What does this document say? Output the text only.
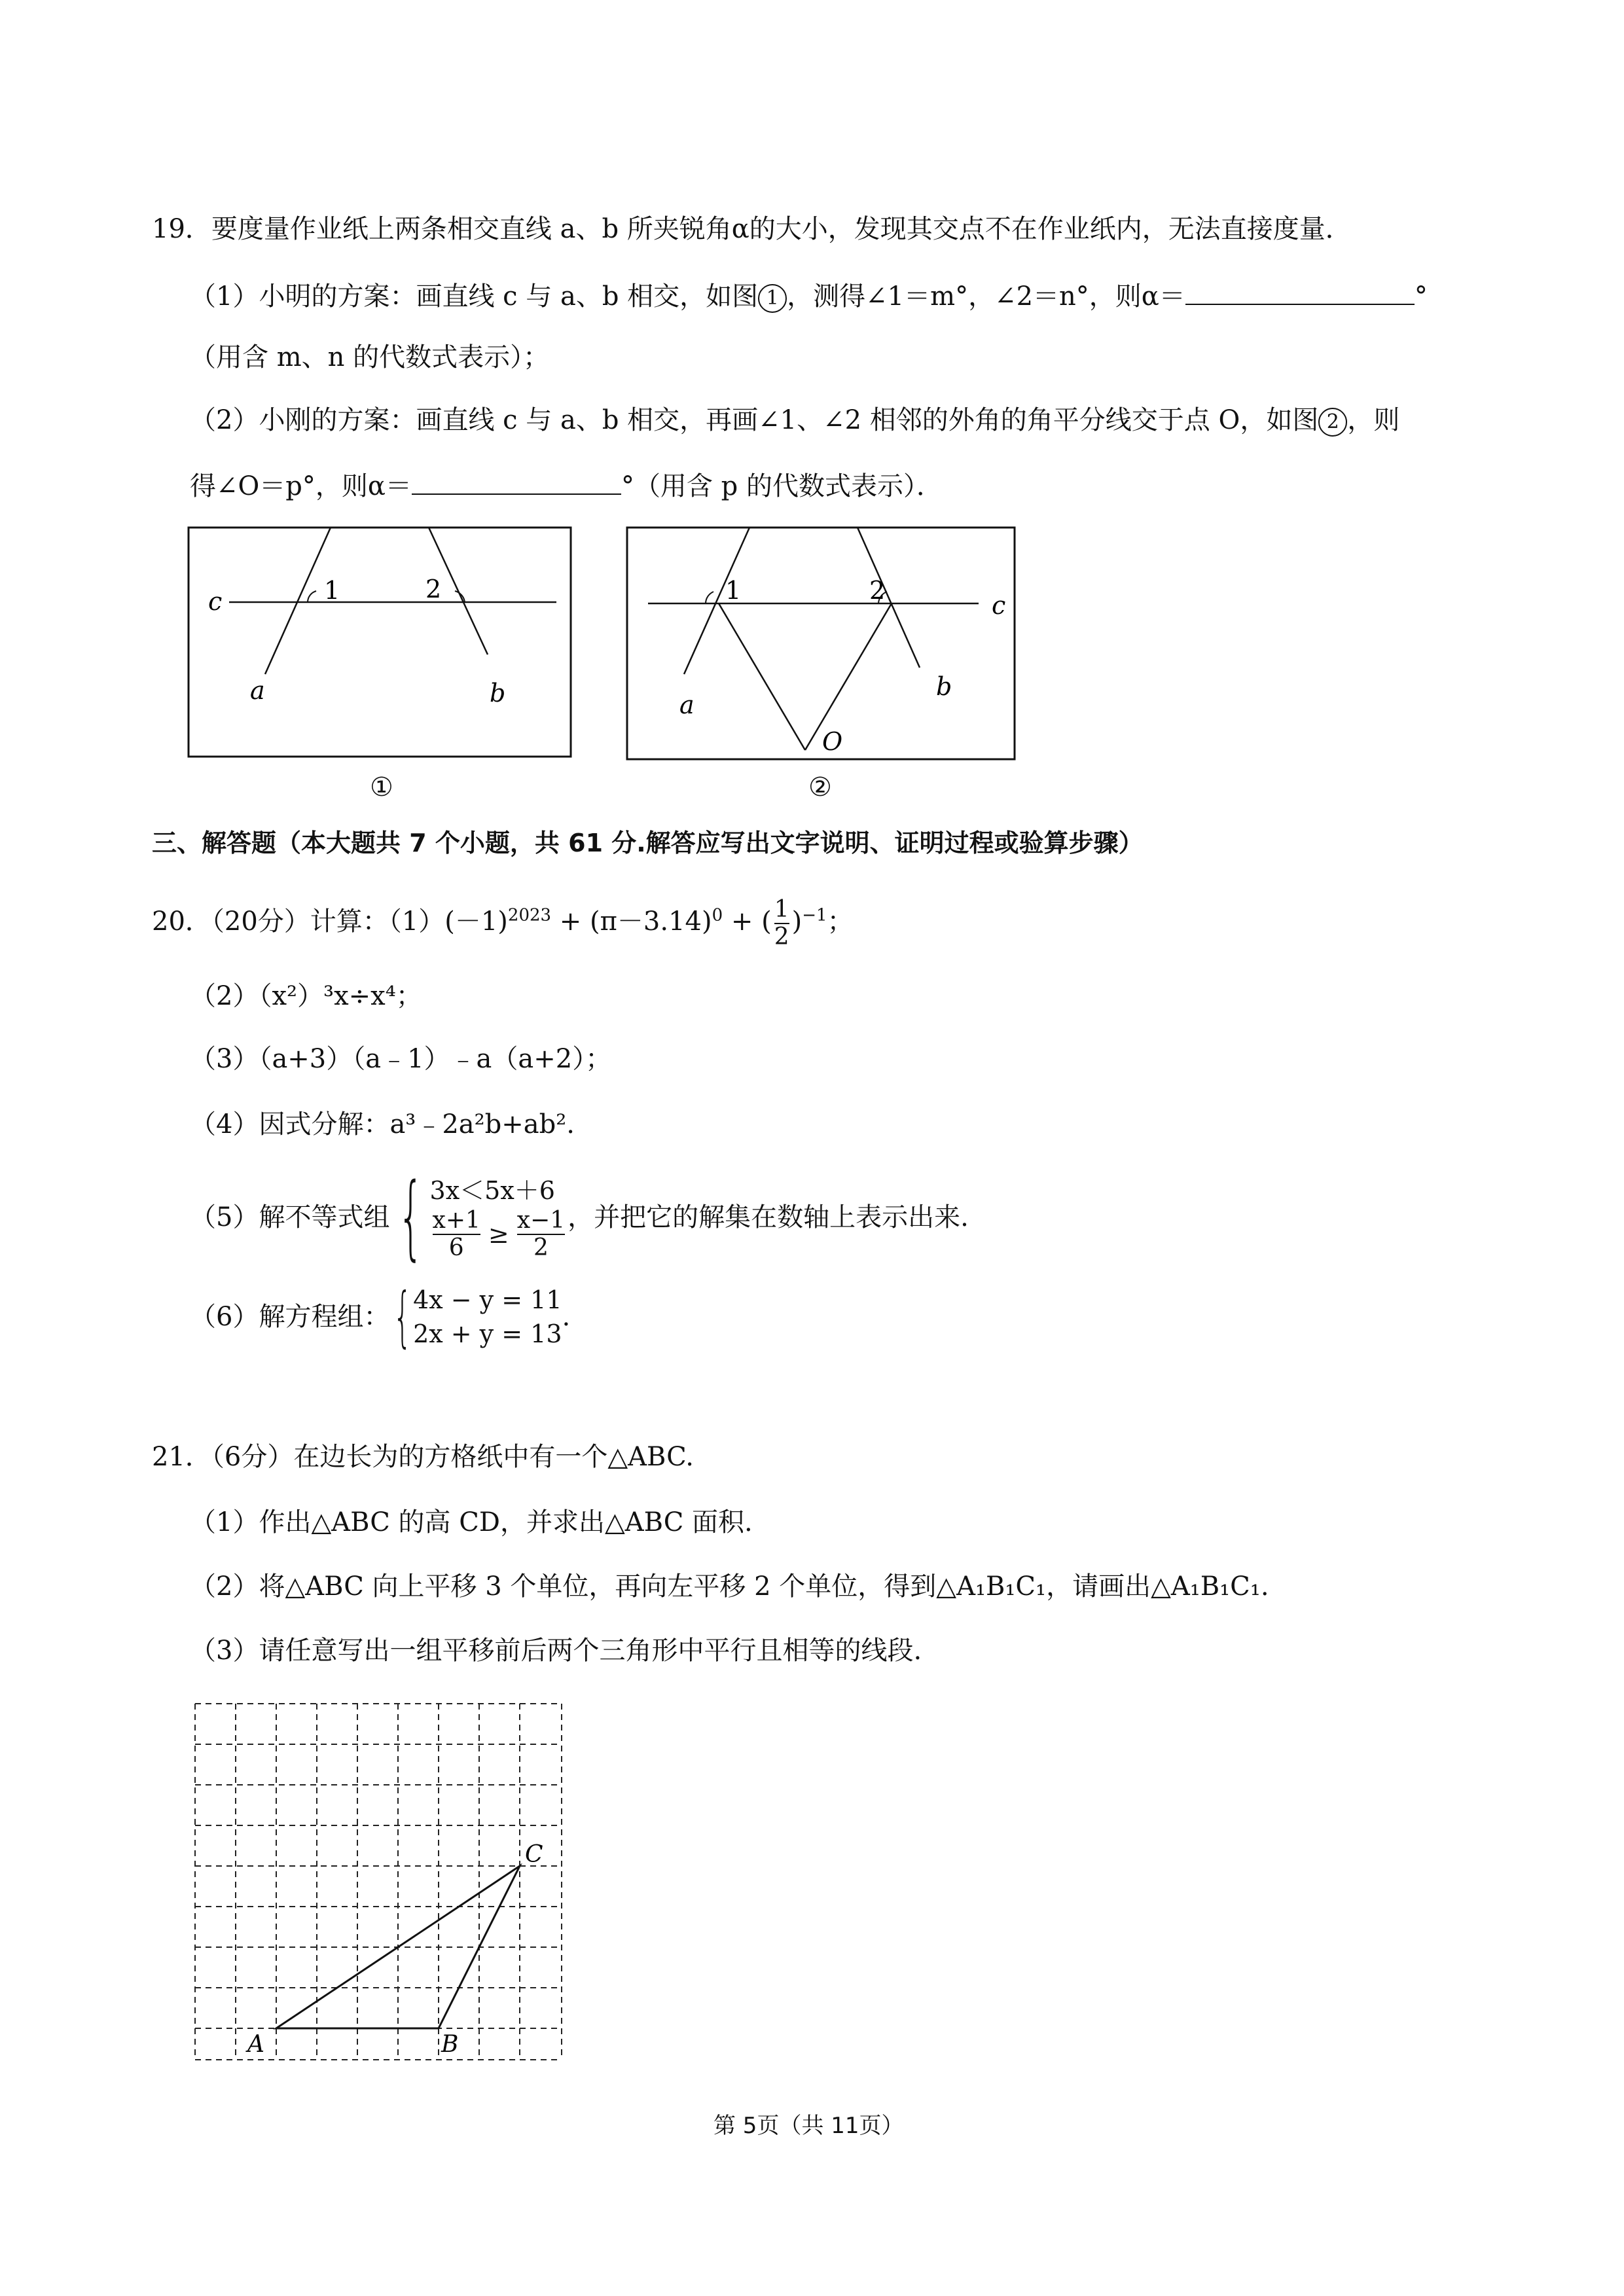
19．要度量作业纸上两条相交直线 a、b 所夹锐角α的大小，发现其交点不在作业纸内，无法直接度量．
（1）小明的方案：画直线 c 与 a、b 相交，如图 1 ，测得∠1＝m°，∠2＝n°，则α＝	°
（用含 m、n 的代数式表示）；
（2）小刚的方案：画直线 c 与 a、b 相交，再画∠1、∠2 相邻的外角的角平分线交于点 O，如图 2 ，则
得∠O＝p°，则α＝	°（用含 p 的代数式表示）．
c	1	2
a	b
①
c
1	2
a
b
O
②
三、解答题（本大题共 7 个小题，共 61 分.解答应写出文字说明、证明过程或验算步骤）
20．（20分）计算：$(1)(-1)^{2023} + (\pi-3.14)^0$ + ( $\frac{1}{2} )^{-1}$；
（2）（x²）³x÷x⁴；
（3）（a+3）（a﹣1）﹣a（a+2）；
（4）因式分解：a³﹣2a²b+ab².
（5）解不等式组 { 3x＜5x＋6
$\frac{x+1}{6} \ge \frac{x-1}{2}$ ，并把它的解集在数轴上表示出来.
（6）解方程组： { 4x − y = 11
2x + y = 13
.
21．（6分）在边长为的方格纸中有一个△ABC.
（1）作出△ABC 的高 CD，并求出△ABC 面积.
（2）将△ABC 向上平移 3 个单位，再向左平移 2 个单位，得到△A₁B₁C₁，请画出△A₁B₁C₁.
（3）请任意写出一组平移前后两个三角形中平行且相等的线段.
A	B
C
第 5页（共 11页）
